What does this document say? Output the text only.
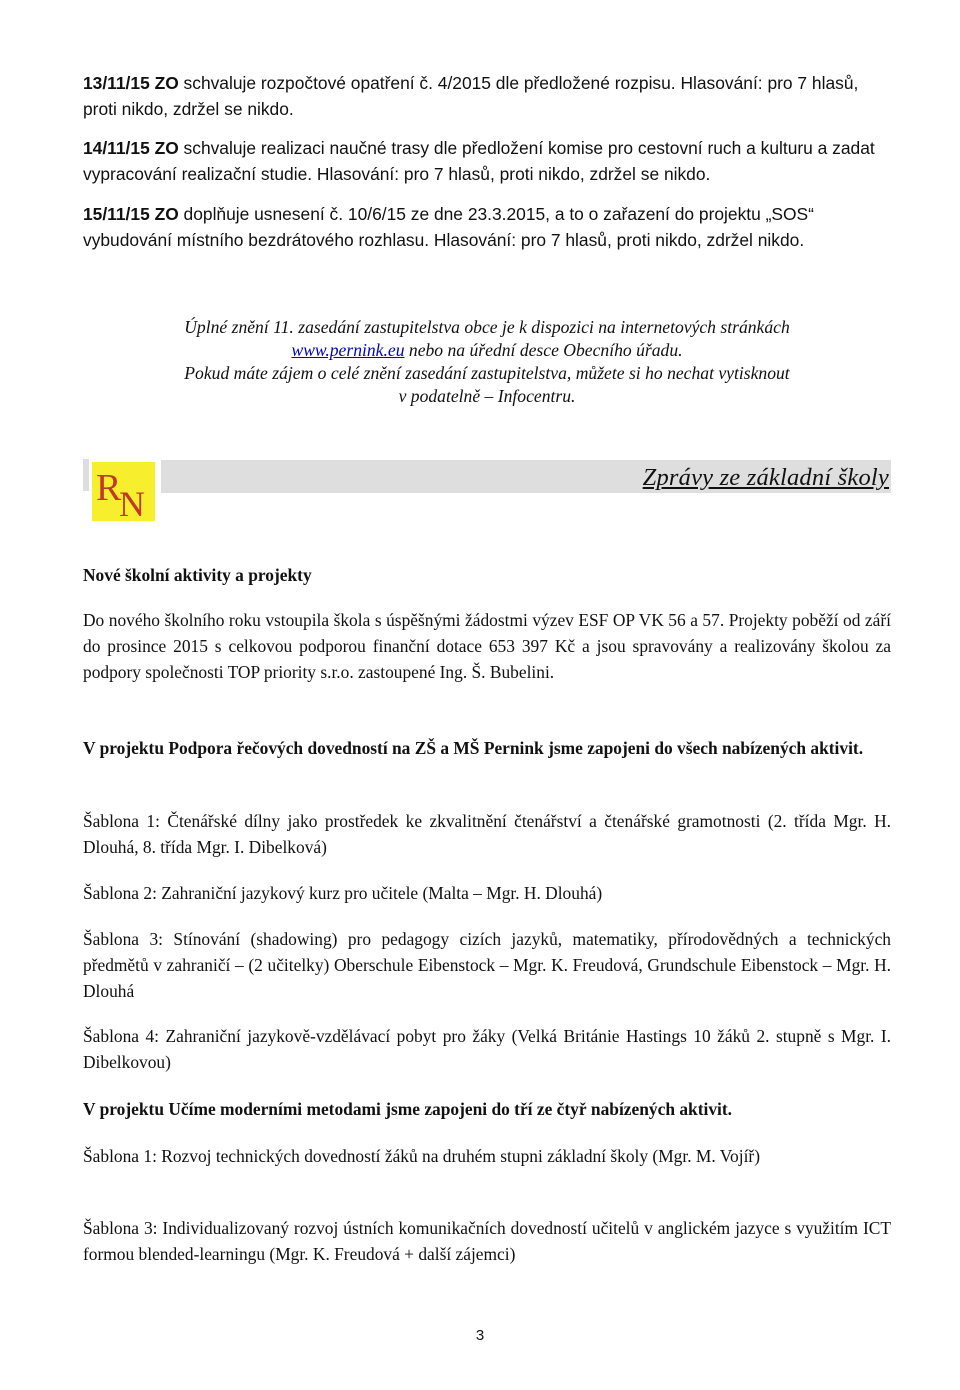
13/11/15 ZO schvaluje rozpočtové opatření č. 4/2015 dle předložené rozpisu. Hlasování: pro 7 hlasů, proti nikdo, zdržel se nikdo.

14/11/15 ZO schvaluje realizaci naučné trasy dle předložení komise pro cestovní ruch a kulturu a zadat vypracování realizační studie. Hlasování: pro 7 hlasů, proti nikdo, zdržel se nikdo.

15/11/15 ZO doplňuje usnesení č. 10/6/15 ze dne 23.3.2015, a to o zařazení do projektu „SOS“ vybudování místního bezdrátového rozhlasu. Hlasování: pro 7 hlasů, proti nikdo, zdržel nikdo.

Úplné znění 11. zasedání zastupitelstva obce je k dispozici na internetových stránkách
www.pernink.eu nebo na úřední desce Obecního úřadu.
Pokud máte zájem o celé znění zasedání zastupitelstva, můžete si ho nechat vytisknout
v podatelně – Infocentru.
Nové školní aktivity a projekty
Do nového školního roku vstoupila škola s úspěšnými žádostmi výzev ESF OP VK 56 a 57. Projekty poběží od září do prosince 2015 s celkovou podporou finanční dotace 653 397 Kč a jsou spravovány a realizovány školou za podpory společnosti TOP priority s.r.o. zastoupené Ing. Š. Bubelini.
V projektu Podpora řečových dovedností na ZŠ a MŠ Pernink jsme zapojeni do všech nabízených aktivit.
Šablona 1: Čtenářské dílny jako prostředek ke zkvalitnění čtenářství a čtenářské gramotnosti (2. třída Mgr. H. Dlouhá, 8. třída Mgr. I. Dibelková)
Šablona 2: Zahraniční jazykový kurz pro učitele (Malta – Mgr. H. Dlouhá)
Šablona 3: Stínování (shadowing) pro pedagogy cizích jazyků, matematiky, přírodovědných a technických předmětů v zahraničí – (2 učitelky) Oberschule Eibenstock – Mgr. K. Freudová, Grundschule Eibenstock – Mgr. H. Dlouhá
Šablona 4: Zahraniční jazykově-vzdělávací pobyt pro žáky (Velká Británie Hastings 10 žáků 2. stupně s Mgr. I. Dibelkovou)
V projektu Učíme moderními metodami jsme zapojeni do tří ze čtyř nabízených aktivit.
Šablona 1: Rozvoj technických dovedností žáků na druhém stupni základní školy (Mgr. M. Vojíř)
Šablona 3: Individualizovaný rozvoj ústních komunikačních dovedností učitelů v anglickém jazyce s využitím ICT formou blended-learningu (Mgr. K. Freudová + další zájemci)
R
N
Zprávy ze základní školy
3
